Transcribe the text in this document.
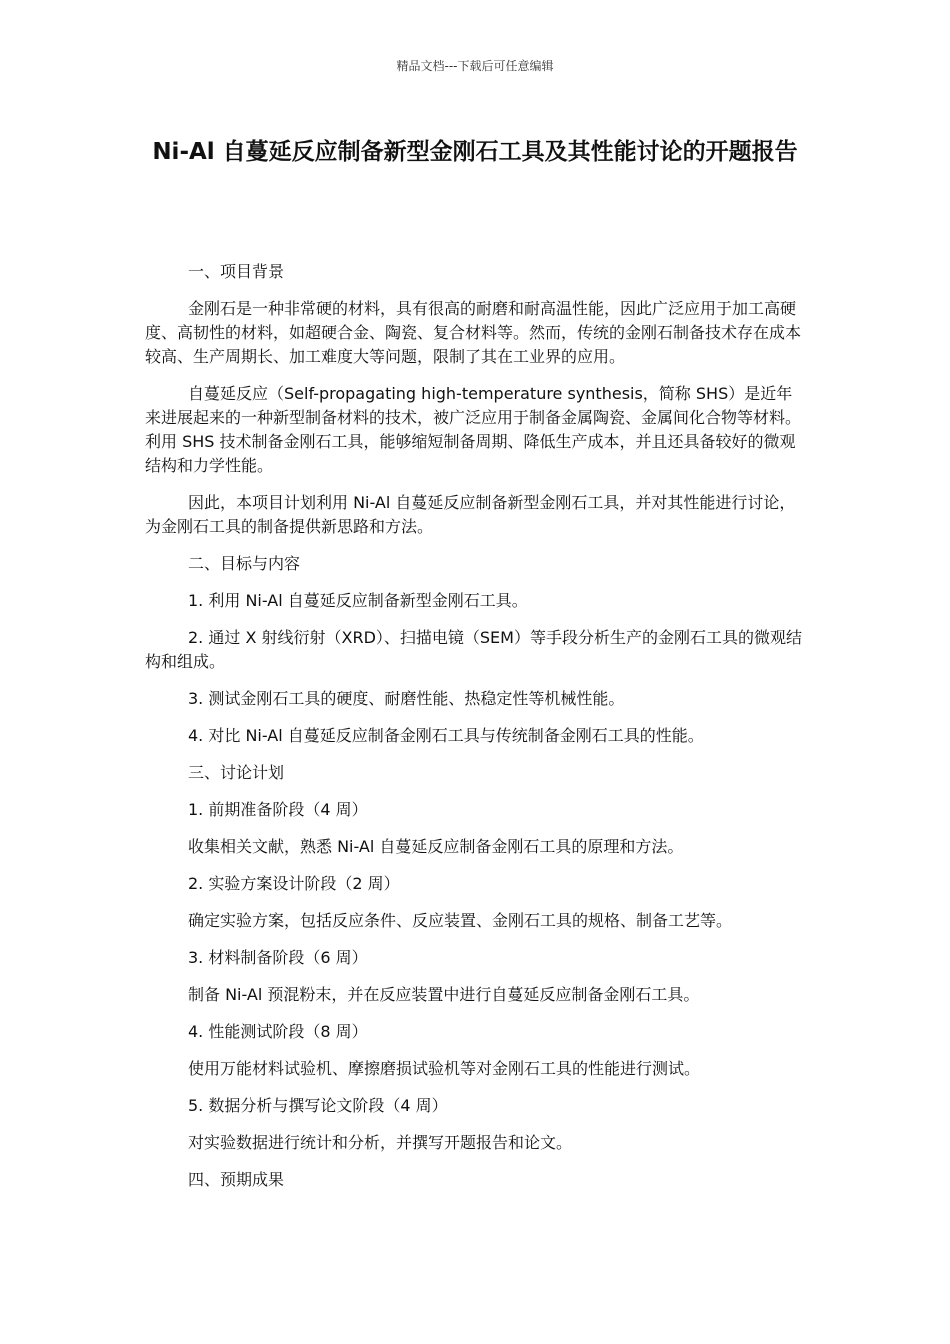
精品文档---下载后可任意编辑
Ni-Al 自蔓延反应制备新型金刚石工具及其性能讨论的开题报告

一、项目背景

金刚石是一种非常硬的材料，具有很高的耐磨和耐高温性能，因此广泛应用于加工高硬度、高韧性的材料，如超硬合金、陶瓷、复合材料等。然而，传统的金刚石制备技术存在成本较高、生产周期长、加工难度大等问题，限制了其在工业界的应用。

自蔓延反应（Self-propagating high-temperature synthesis，简称 SHS）是近年来进展起来的一种新型制备材料的技术，被广泛应用于制备金属陶瓷、金属间化合物等材料。利用 SHS 技术制备金刚石工具，能够缩短制备周期、降低生产成本，并且还具备较好的微观结构和力学性能。

因此，本项目计划利用 Ni-Al 自蔓延反应制备新型金刚石工具，并对其性能进行讨论，为金刚石工具的制备提供新思路和方法。

二、目标与内容

1. 利用 Ni-Al 自蔓延反应制备新型金刚石工具。

2. 通过 X 射线衍射（XRD）、扫描电镜（SEM）等手段分析生产的金刚石工具的微观结构和组成。

3. 测试金刚石工具的硬度、耐磨性能、热稳定性等机械性能。

4. 对比 Ni-Al 自蔓延反应制备金刚石工具与传统制备金刚石工具的性能。

三、讨论计划

1. 前期准备阶段（4 周）

收集相关文献，熟悉 Ni-Al 自蔓延反应制备金刚石工具的原理和方法。

2. 实验方案设计阶段（2 周）

确定实验方案，包括反应条件、反应装置、金刚石工具的规格、制备工艺等。

3. 材料制备阶段（6 周）

制备 Ni-Al 预混粉末，并在反应装置中进行自蔓延反应制备金刚石工具。

4. 性能测试阶段（8 周）

使用万能材料试验机、摩擦磨损试验机等对金刚石工具的性能进行测试。

5. 数据分析与撰写论文阶段（4 周）

对实验数据进行统计和分析，并撰写开题报告和论文。

四、预期成果
